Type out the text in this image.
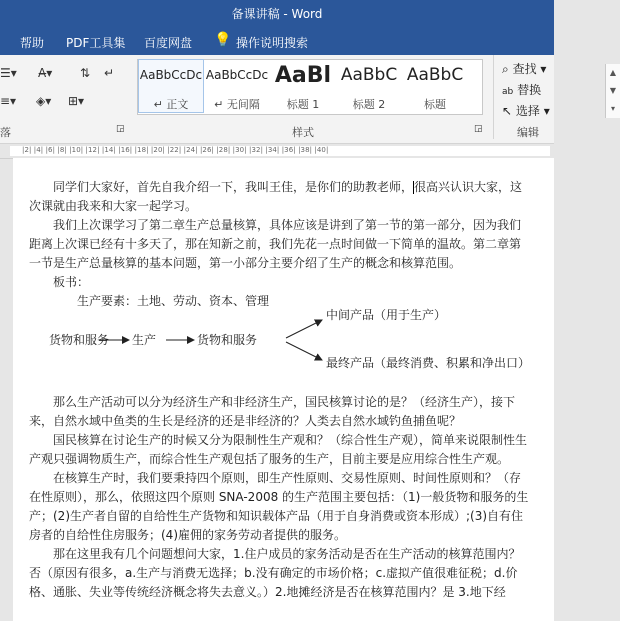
备课讲稿 - Word
帮助 PDF工具集 百度网盘 💡 操作说明搜索
☰▾ A̶▾ ⇅ ↵
≡▾ ◈▾ ⊞▾
落	◲
AaBbCcDc
↵ 正文
AaBbCcDc
↵ 无间隔
AaBl
标题 1
AaBbC
标题 2
AaBbC
标题
▲
▼
▾
样式	◲
⌕ 查找 ▾
ab 替换
↖ 选择 ▾
编辑
|2| |4| |6| |8| |10| |12| |14| |16| |18| |20| |22| |24| |26| |28| |30| |32| |34| |36| |38| |40|

同学们大家好，首先自我介绍一下，我叫王佳，是你们的助教老师，很高兴认识大家，这次课就由我来和大家一起学习。

我们上次课学习了第二章生产总量核算，具体应该是讲到了第一节的第一部分，因为我们距离上次课已经有十多天了，那在知新之前，我们先花一点时间做一下简单的温故。第二章第一节是生产总量核算的基本问题，第一小部分主要介绍了生产的概念和核算范围。

板书：

生产要素：土地、劳动、资本、管理
货物和服务 生产	货物和服务
中间产品（用于生产）
最终产品（最终消费、积累和净出口）

那么生产活动可以分为经济生产和非经济生产，国民核算讨论的是？（经济生产），接下来，自然水域中鱼类的生长是经济的还是非经济的？人类去自然水域钓鱼捕鱼呢？

国民核算在讨论生产的时候又分为限制性生产观和？（综合性生产观），简单来说限制性生产观只强调物质生产，而综合性生产观包括了服务的生产，目前主要是应用综合性生产观。

在核算生产时，我们要秉持四个原则，即生产性原则、交易性原则、时间性原则和？（存在性原则），那么，依照这四个原则 SNA-2008 的生产范围主要包括：（1)一般货物和服务的生产；(2)生产者自留的自给性生产货物和知识载体产品（用于自身消费或资本形成）;(3)自有住房者的自给性住房服务；(4)雇佣的家务劳动者提供的服务。

那在这里我有几个问题想问大家，1.住户成员的家务活动是否在生产活动的核算范围内？否（原因有很多，a.生产与消费无选择；b.没有确定的市场价格；c.虚拟产值很难征税；d.价格、通胀、失业等传统经济概念将失去意义。）2.地摊经济是否在核算范围内？是 3.地下经
